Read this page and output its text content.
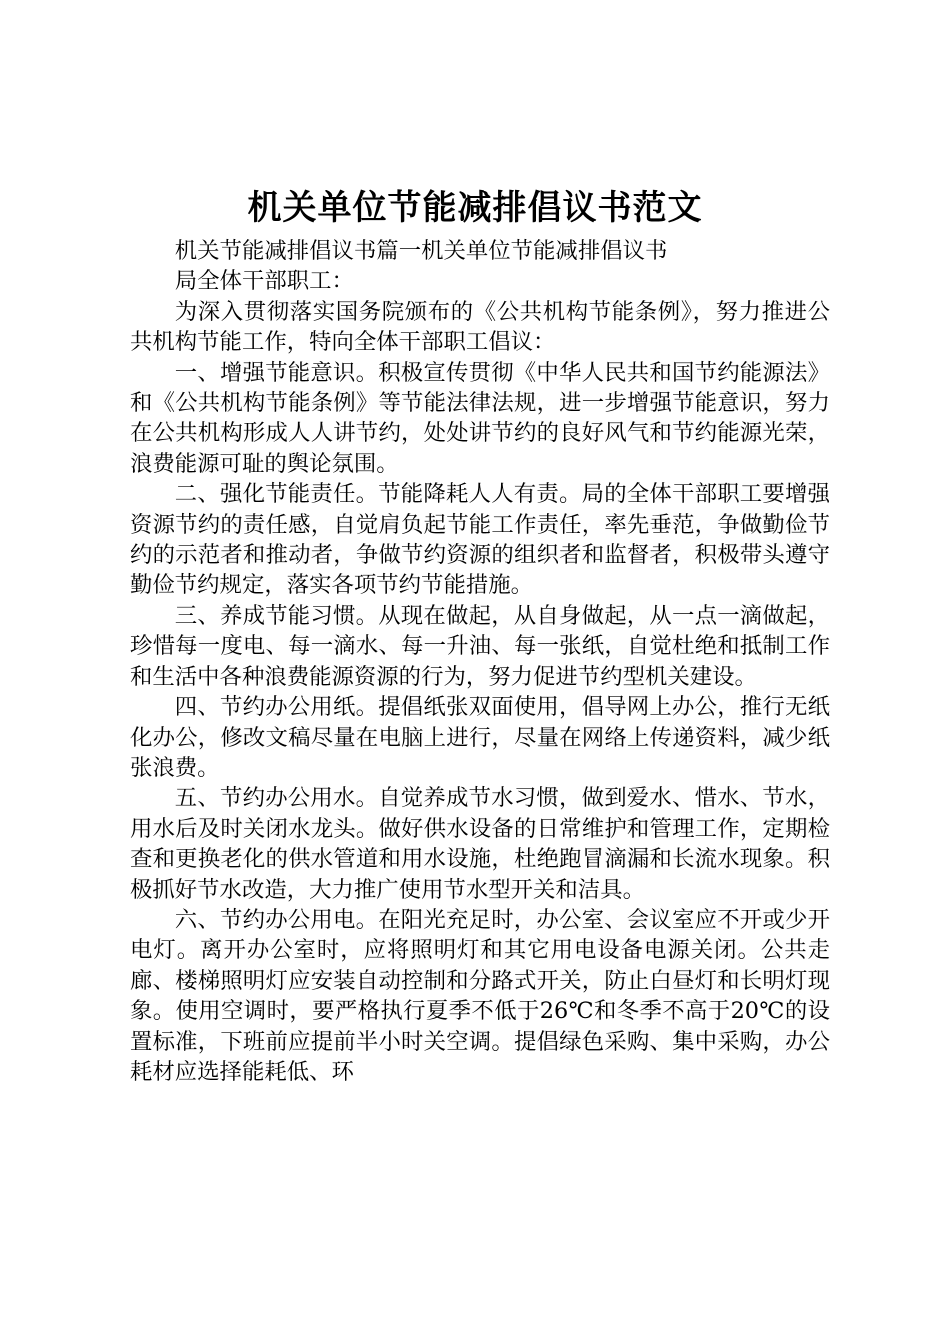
机关单位节能减排倡议书范文

机关节能减排倡议书篇一机关单位节能减排倡议书

局全体干部职工：

为深入贯彻落实国务院颁布的《公共机构节能条例》，努力推进公共机构节能工作，特向全体干部职工倡议：

一、增强节能意识。积极宣传贯彻《中华人民共和国节约能源法》和《公共机构节能条例》等节能法律法规，进一步增强节能意识，努力在公共机构形成人人讲节约，处处讲节约的良好风气和节约能源光荣，浪费能源可耻的舆论氛围。

二、强化节能责任。节能降耗人人有责。局的全体干部职工要增强资源节约的责任感，自觉肩负起节能工作责任，率先垂范，争做勤俭节约的示范者和推动者，争做节约资源的组织者和监督者，积极带头遵守勤俭节约规定，落实各项节约节能措施。

三、养成节能习惯。从现在做起，从自身做起，从一点一滴做起，珍惜每一度电、每一滴水、每一升油、每一张纸，自觉杜绝和抵制工作和生活中各种浪费能源资源的行为，努力促进节约型机关建设。

四、节约办公用纸。提倡纸张双面使用，倡导网上办公，推行无纸化办公，修改文稿尽量在电脑上进行，尽量在网络上传递资料，减少纸张浪费。

五、节约办公用水。自觉养成节水习惯，做到爱水、惜水、节水，用水后及时关闭水龙头。做好供水设备的日常维护和管理工作，定期检查和更换老化的供水管道和用水设施，杜绝跑冒滴漏和长流水现象。积极抓好节水改造，大力推广使用节水型开关和洁具。

六、节约办公用电。在阳光充足时，办公室、会议室应不开或少开电灯。离开办公室时，应将照明灯和其它用电设备电源关闭。公共走廊、楼梯照明灯应安装自动控制和分路式开关，防止白昼灯和长明灯现象。使用空调时，要严格执行夏季不低于26℃和冬季不高于20℃的设置标准，下班前应提前半小时关空调。提倡绿色采购、集中采购，办公耗材应选择能耗低、环
